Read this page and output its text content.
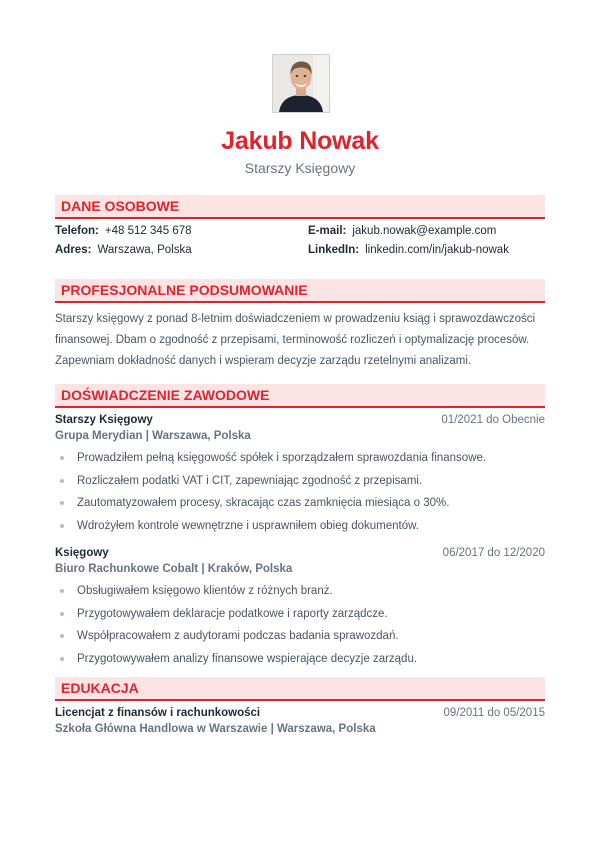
Jakub Nowak
Starszy Księgowy
DANE OSOBOWE
Telefon: +48 512 345 678	E-mail: jakub.nowak@example.com
Adres: Warszawa, Polska	LinkedIn: linkedin.com/in/jakub-nowak
PROFESJONALNE PODSUMOWANIE
Starszy księgowy z ponad 8-letnim doświadczeniem w prowadzeniu ksiąg i sprawozdawczości
finansowej. Dbam o zgodność z przepisami, terminowość rozliczeń i optymalizację procesów.
Zapewniam dokładność danych i wspieram decyzje zarządu rzetelnymi analizami.
DOŚWIADCZENIE ZAWODOWE
Starszy Księgowy	01/2021 do Obecnie
Grupa Merydian | Warszawa, Polska
Prowadziłem pełną księgowość spółek i sporządzałem sprawozdania finansowe.
Rozliczałem podatki VAT i CIT, zapewniając zgodność z przepisami.
Zautomatyzowałem procesy, skracając czas zamknięcia miesiąca o 30%.
Wdrożyłem kontrole wewnętrzne i usprawniłem obieg dokumentów.
Księgowy	06/2017 do 12/2020
Biuro Rachunkowe Cobalt | Kraków, Polska
Obsługiwałem księgowo klientów z różnych branż.
Przygotowywałem deklaracje podatkowe i raporty zarządcze.
Współpracowałem z audytorami podczas badania sprawozdań.
Przygotowywałem analizy finansowe wspierające decyzje zarządu.
EDUKACJA
Licencjat z finansów i rachunkowości	09/2011 do 05/2015
Szkoła Główna Handlowa w Warszawie | Warszawa, Polska
